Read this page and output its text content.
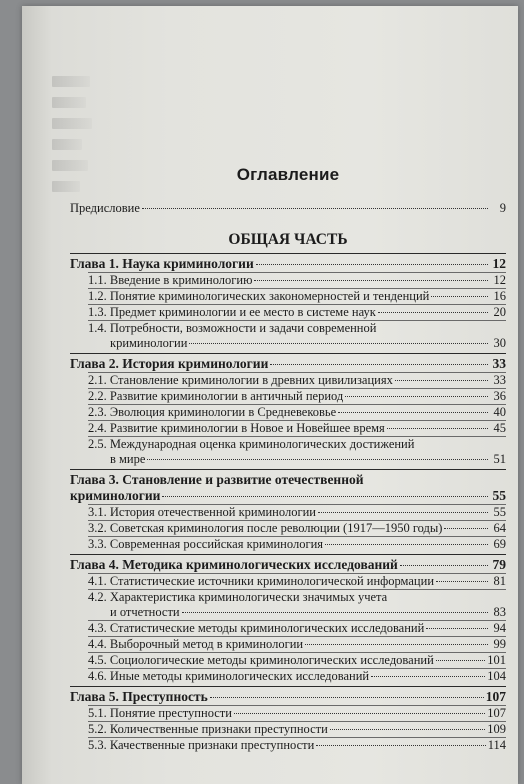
Оглавление
Предисловие	9
ОБЩАЯ ЧАСТЬ
Глава 1. Наука криминологии	12
1.1. Введение в криминологию	12
1.2. Понятие криминологических закономерностей и тенденций	16
1.3. Предмет криминологии и ее место в системе наук	20
1.4. Потребности, возможности и задачи современной
криминологии	30
Глава 2. История криминологии	33
2.1. Становление криминологии в древних цивилизациях	33
2.2. Развитие криминологии в античный период	36
2.3. Эволюция криминологии в Средневековье	40
2.4. Развитие криминологии в Новое и Новейшее время	45
2.5. Международная оценка криминологических достижений
в мире	51
Глава 3. Становление и развитие отечественной
криминологии	55
3.1. История отечественной криминологии	55
3.2. Советская криминология после революции (1917—1950 годы)	64
3.3. Современная российская криминология	69
Глава 4. Методика криминологических исследований	79
4.1. Статистические источники криминологической информации	81
4.2. Характеристика криминологически значимых учета
и отчетности	83
4.3. Статистические методы криминологических исследований	94
4.4. Выборочный метод в криминологии	99
4.5. Социологические методы криминологических исследований	101
4.6. Иные методы криминологических исследований	104
Глава 5. Преступность	107
5.1. Понятие преступности	107
5.2. Количественные признаки преступности	109
5.3. Качественные признаки преступности	114
